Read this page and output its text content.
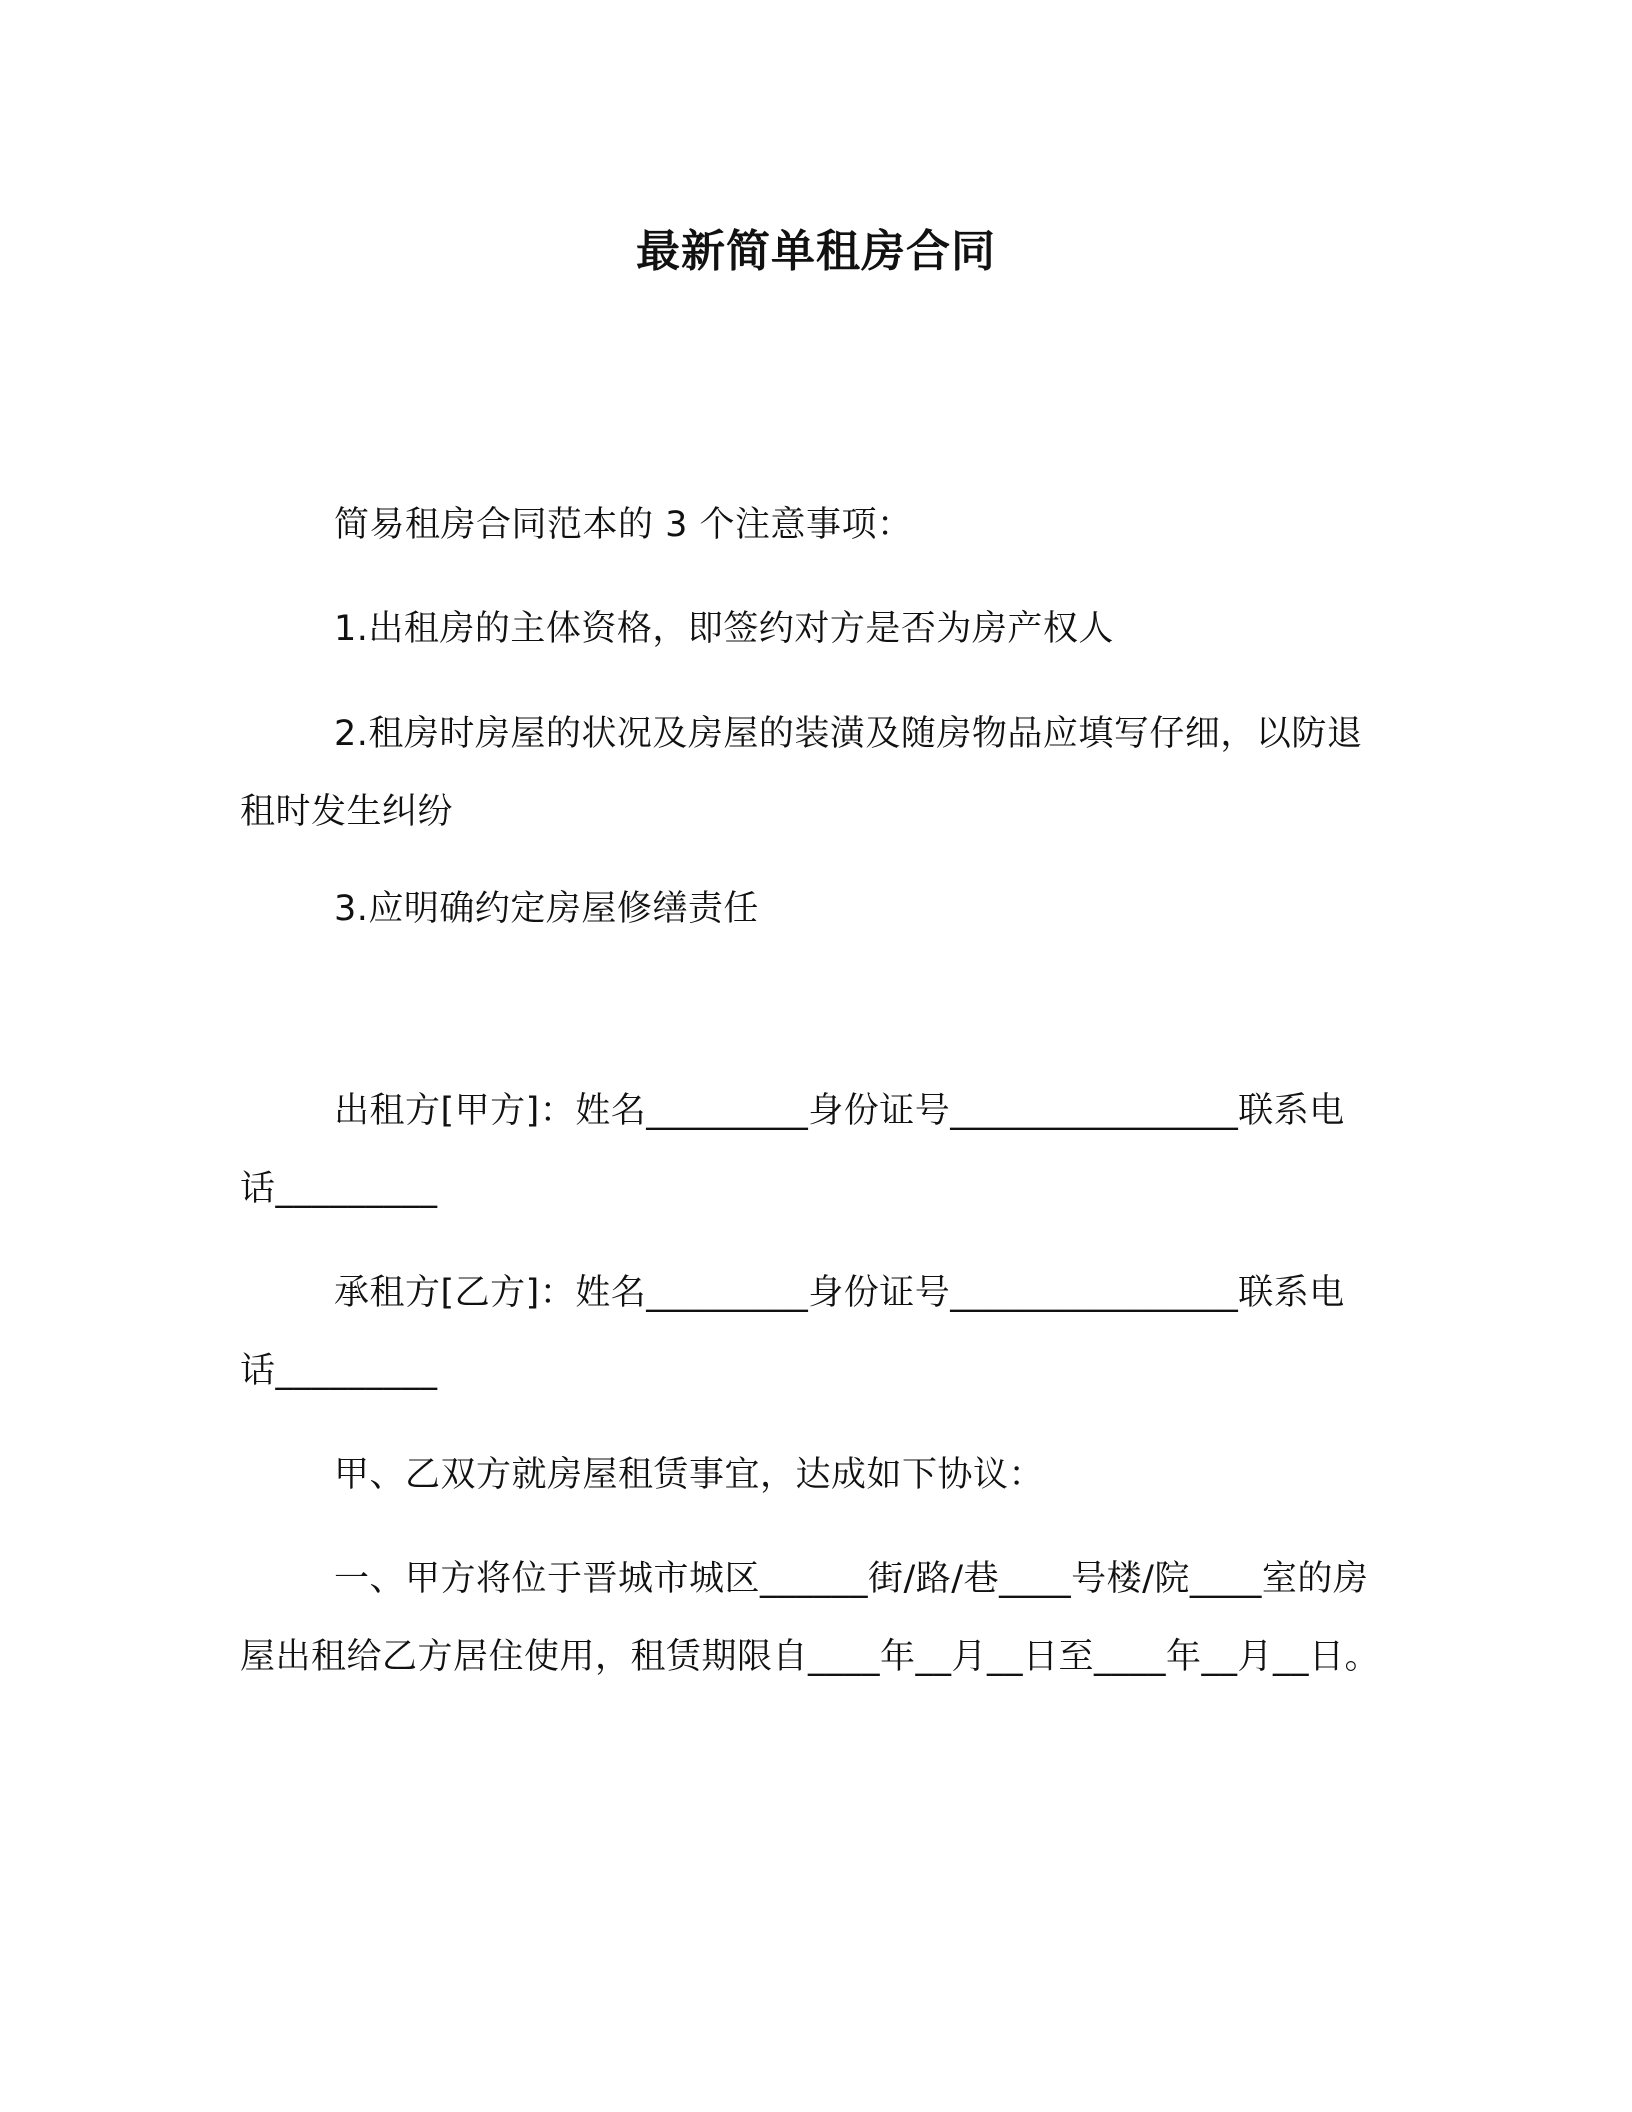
最新简单租房合同
简易租房合同范本的 3 个注意事项：
1.出租房的主体资格，即签约对方是否为房产权人
2.租房时房屋的状况及房屋的装潢及随房物品应填写仔细，以防退租时发生纠纷
3.应明确约定房屋修缮责任
出租方[甲方]：姓名_________身份证号________________联系电话_________
承租方[乙方]：姓名_________身份证号________________联系电话_________
甲、乙双方就房屋租赁事宜，达成如下协议：
一、甲方将位于晋城市城区______街/路/巷____号楼/院____室的房屋出租给乙方居住使用，租赁期限自____年__月__日至____年__月__日。
